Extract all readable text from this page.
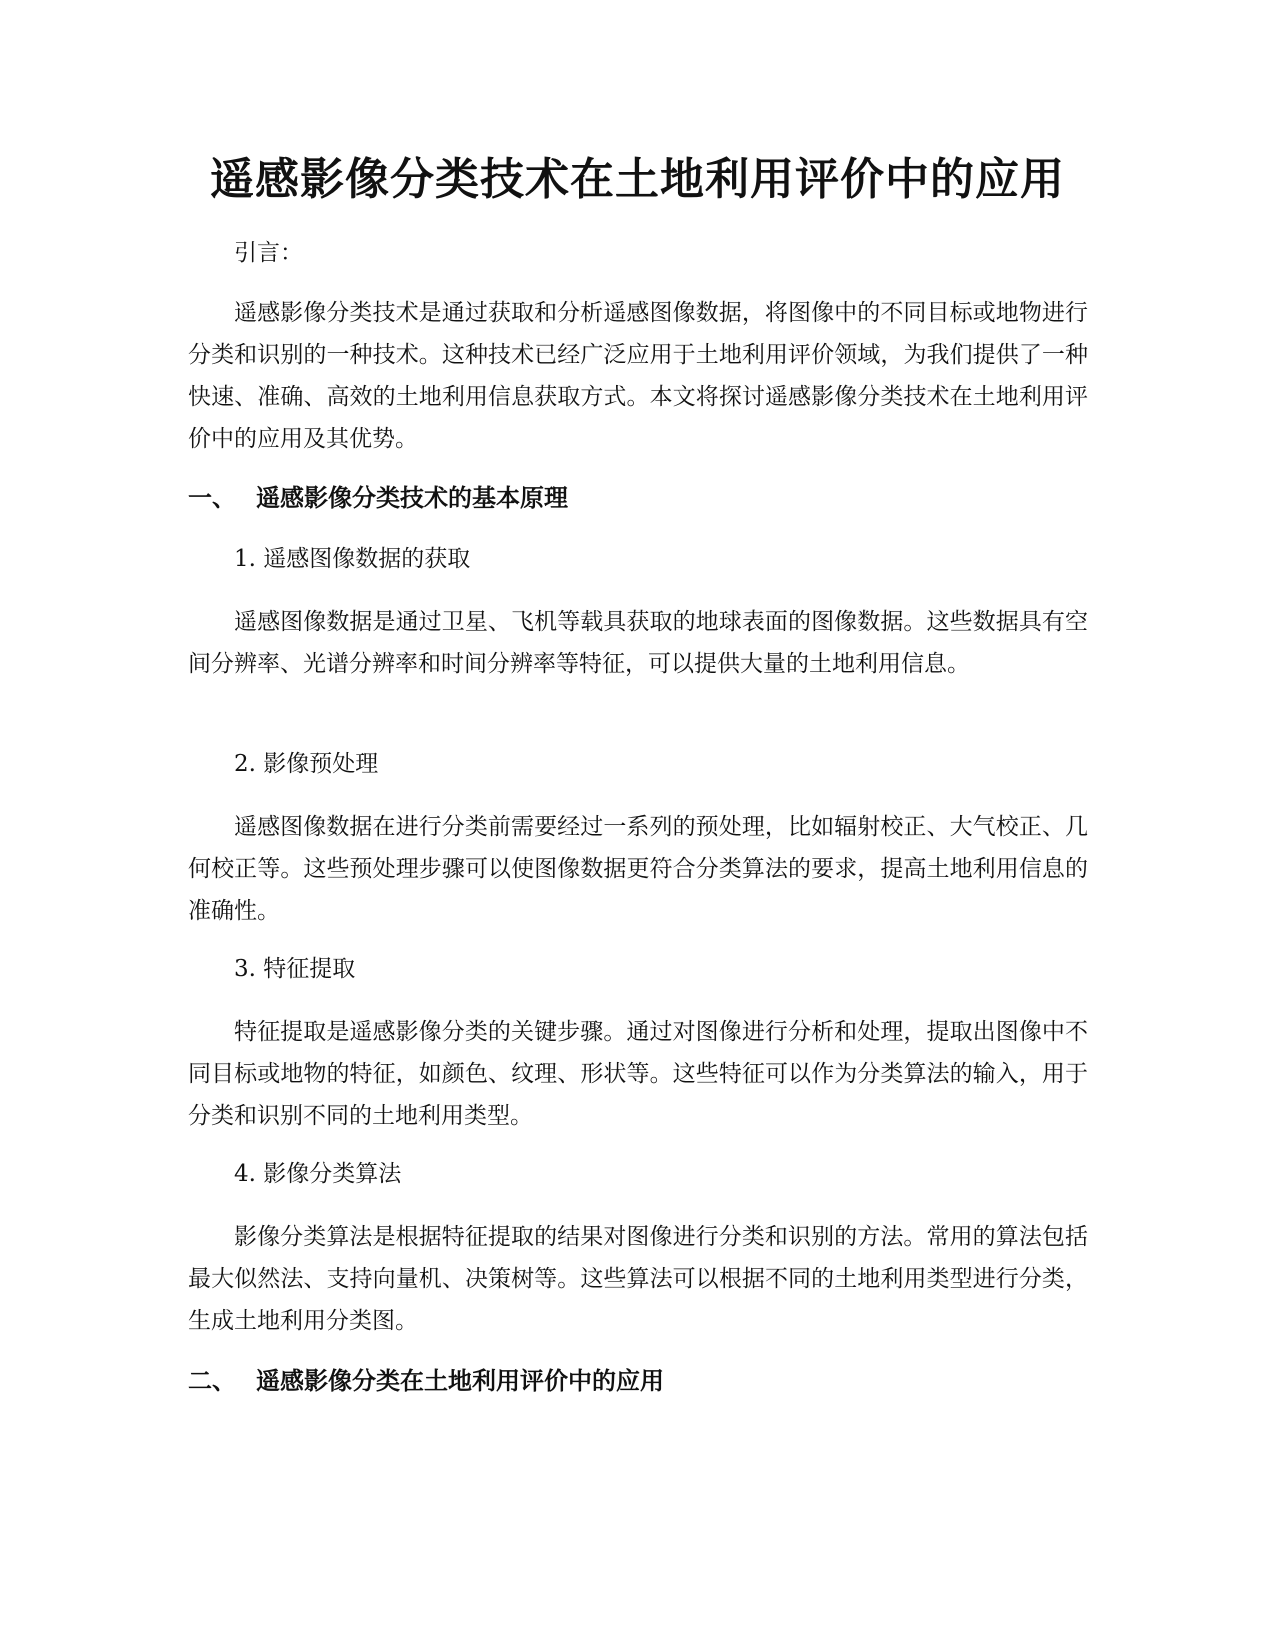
遥感影像分类技术在土地利用评价中的应用

引言：

遥感影像分类技术是通过获取和分析遥感图像数据，将图像中的不同目标或地物进行分类和识别的一种技术。这种技术已经广泛应用于土地利用评价领域，为我们提供了一种快速、准确、高效的土地利用信息获取方式。本文将探讨遥感影像分类技术在土地利用评价中的应用及其优势。

一、 遥感影像分类技术的基本原理

1. 遥感图像数据的获取

遥感图像数据是通过卫星、飞机等载具获取的地球表面的图像数据。这些数据具有空间分辨率、光谱分辨率和时间分辨率等特征，可以提供大量的土地利用信息。

2. 影像预处理

遥感图像数据在进行分类前需要经过一系列的预处理，比如辐射校正、大气校正、几何校正等。这些预处理步骤可以使图像数据更符合分类算法的要求，提高土地利用信息的准确性。

3. 特征提取

特征提取是遥感影像分类的关键步骤。通过对图像进行分析和处理，提取出图像中不同目标或地物的特征，如颜色、纹理、形状等。这些特征可以作为分类算法的输入，用于分类和识别不同的土地利用类型。

4. 影像分类算法

影像分类算法是根据特征提取的结果对图像进行分类和识别的方法。常用的算法包括最大似然法、支持向量机、决策树等。这些算法可以根据不同的土地利用类型进行分类，生成土地利用分类图。

二、 遥感影像分类在土地利用评价中的应用
